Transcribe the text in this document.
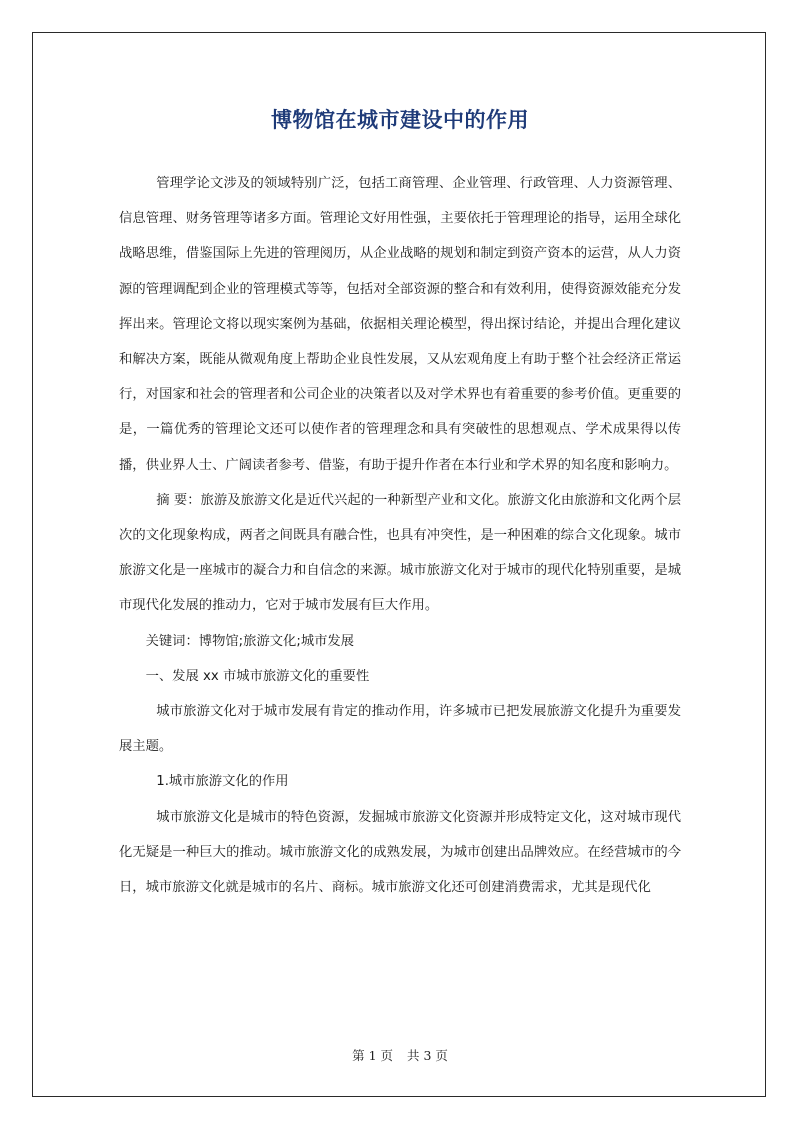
博物馆在城市建设中的作用

管理学论文涉及的领域特别广泛，包括工商管理、企业管理、行政管理、人力资源管理、信息管理、财务管理等诸多方面。管理论文好用性强，主要依托于管理理论的指导，运用全球化战略思维，借鉴国际上先进的管理阅历，从企业战略的规划和制定到资产资本的运营，从人力资源的管理调配到企业的管理模式等等，包括对全部资源的整合和有效利用，使得资源效能充分发挥出来。管理论文将以现实案例为基础，依据相关理论模型，得出探讨结论，并提出合理化建议和解决方案，既能从微观角度上帮助企业良性发展，又从宏观角度上有助于整个社会经济正常运行，对国家和社会的管理者和公司企业的决策者以及对学术界也有着重要的参考价值。更重要的是，一篇优秀的管理论文还可以使作者的管理理念和具有突破性的思想观点、学术成果得以传播，供业界人士、广阔读者参考、借鉴，有助于提升作者在本行业和学术界的知名度和影响力。

摘 要：旅游及旅游文化是近代兴起的一种新型产业和文化。旅游文化由旅游和文化两个层次的文化现象构成，两者之间既具有融合性，也具有冲突性，是一种困难的综合文化现象。城市旅游文化是一座城市的凝合力和自信念的来源。城市旅游文化对于城市的现代化特别重要，是城市现代化发展的推动力，它对于城市发展有巨大作用。

关键词：博物馆;旅游文化;城市发展

一、发展 xx 市城市旅游文化的重要性

城市旅游文化对于城市发展有肯定的推动作用，许多城市已把发展旅游文化提升为重要发展主题。

1.城市旅游文化的作用

城市旅游文化是城市的特色资源，发掘城市旅游文化资源并形成特定文化，这对城市现代化无疑是一种巨大的推动。城市旅游文化的成熟发展，为城市创建出品牌效应。在经营城市的今日，城市旅游文化就是城市的名片、商标。城市旅游文化还可创建消费需求，尤其是现代化

第 1 页 共 3 页
